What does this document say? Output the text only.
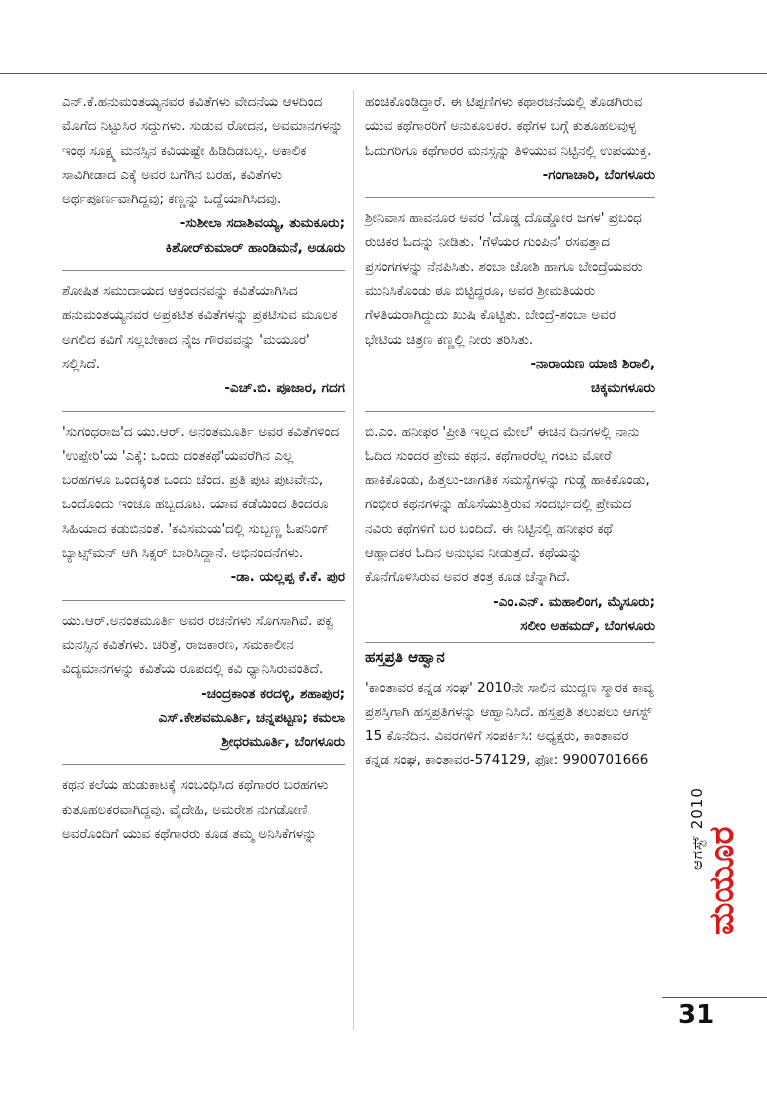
ಎನ್.ಕೆ.ಹನುಮಂತಯ್ಯನವರ ಕವಿತೆಗಳು ವೇದನೆಯ ಆಳದಿಂದ ಮೊಗೆದ ನಿಟ್ಟುಸಿರ ಸದ್ದುಗಳು. ಸುಡುವ ರೋದನ, ಅವಮಾನಗಳನ್ನು ಇಂಥ ಸೂಕ್ಷ್ಮ ಮನಸ್ಸಿನ ಕವಿಯಷ್ಟೇ ಹಿಡಿದಿಡಬಲ್ಲ. ಅಕಾಲಿಕ ಸಾವಿಗೀಡಾದ ಎಕ್ಕೆ ಅವರ ಬಗೆಗಿನ ಬರಹ, ಕವಿತೆಗಳು ಅರ್ಥಪೂರ್ಣವಾಗಿದ್ದವು; ಕಣ್ಣನ್ನು ಒದ್ದೆಯಾಗಿಸಿದವು.
-ಸುಶೀಲಾ ಸದಾಶಿವಯ್ಯ, ತುಮಕೂರು;
ಕಿಶೋರ್‌ಕುಮಾರ್ ಹಾಂಡಿಮನೆ, ಅಡೂರು
ಶೋಷಿತ ಸಮುದಾಯದ ಆಕ್ರಂದನವನ್ನು ಕವಿತೆಯಾಗಿಸಿದ ಹನುಮಂತಯ್ಯನವರ ಅಪ್ರಕಟಿತ ಕವಿತೆಗಳನ್ನು ಪ್ರಕಟಿಸುವ ಮೂಲಕ ಅಗಲಿದ ಕವಿಗೆ ಸಲ್ಲಬೇಕಾದ ನೈಜ ಗೌರವವನ್ನು 'ಮಯೂರ' ಸಲ್ಲಿಸಿದೆ.
-ಎಚ್.ಬಿ. ಪೂಜಾರ, ಗದಗ
'ಸುಗಂಧರಾಜ'ದ ಯು.ಆರ್. ಅನಂತಮೂರ್ತಿ ಅವರ ಕವಿತೆಗಳಿಂದ 'ಉಪ್ಪೇರಿ'ಯ 'ಎಕ್ಕೆ: ಒಂದು ದಂತಕಥೆ'ಯವರೆಗಿನ ಎಲ್ಲ ಬರಹಗಳೂ ಒಂದಕ್ಕಿಂತ ಒಂದು ಚೆಂದ. ಪ್ರತಿ ಪುಟ ಪುಟವೇನು, ಒಂದೊಂದು ಇಂಚೂ ಹಬ್ಬದೂಟ. ಯಾವ ಕಡೆಯಿಂದ ತಿಂದರೂ ಸಿಹಿಯಾದ ಕಡುಬಿನಂತೆ. 'ಕವಿಸಮಯ'ದಲ್ಲಿ ಸುಬ್ಬಣ್ಣ ಓಪನಿಂಗ್ ಬ್ಯಾಟ್ಸ್‌ಮನ್ ಆಗಿ ಸಿಕ್ಸರ್ ಬಾರಿಸಿದ್ದಾನೆ. ಅಭಿನಂದನೆಗಳು.
-ಡಾ. ಯಲ್ಲಪ್ಪ ಕೆ.ಕೆ. ಪುರ
ಯು.ಆರ್.ಅನಂತಮೂರ್ತಿ ಅವರ ರಚನೆಗಳು ಸೊಗಸಾಗಿವೆ. ಪಕ್ವ ಮನಸ್ಸಿನ ಕವಿತೆಗಳು. ಚರಿತ್ರೆ, ರಾಜಕಾರಣ, ಸಮಕಾಲೀನ ವಿದ್ಯಮಾನಗಳನ್ನು ಕವಿತೆಯ ರೂಪದಲ್ಲಿ ಕವಿ ಧ್ಯಾನಿಸಿರುವಂತಿದೆ.
-ಚಂದ್ರಕಾಂತ ಕರದಳ್ಳಿ, ಶಹಾಪುರ;
ಎಸ್.ಕೇಶವಮೂರ್ತಿ, ಚನ್ನಪಟ್ಟಣ; ಕಮಲಾ
ಶ್ರೀಧರಮೂರ್ತಿ, ಬೆಂಗಳೂರು
ಕಥನ ಕಲೆಯ ಹುಡುಕಾಟಕ್ಕೆ ಸಂಬಂಧಿಸಿದ ಕಥೆಗಾರರ ಬರಹಗಳು ಕುತೂಹಲಕರವಾಗಿದ್ದವು. ವೈದೇಹಿ, ಅಮರೇಶ ನುಗಡೋಣಿ ಅವರೊಂದಿಗೆ ಯುವ ಕಥೆಗಾರರು ಕೂಡ ತಮ್ಮ ಅನಿಸಿಕೆಗಳನ್ನು
ಹಂಚಿಕೊಂಡಿದ್ದಾರೆ. ಈ ಟಿಪ್ಪಣಿಗಳು ಕಥಾರಚನೆಯಲ್ಲಿ ತೊಡಗಿರುವ ಯುವ ಕಥೆಗಾರರಿಗೆ ಅನುಕೂಲಕರ. ಕಥೆಗಳ ಬಗ್ಗೆ ಕುತೂಹಲವುಳ್ಳ ಓದುಗರಿಗೂ ಕಥೆಗಾರರ ಮನಸ್ಸನ್ನು ತಿಳಿಯುವ ನಿಟ್ಟಿನಲ್ಲಿ ಉಪಯುಕ್ತ.
-ಗಂಗಾಚಾರಿ, ಬೆಂಗಳೂರು
ಶ್ರೀನಿವಾಸ ಹಾವನೂರ ಅವರ 'ದೊಡ್ಡ ದೊಡ್ಡೋರ ಜಗಳ' ಪ್ರಬಂಧ ರುಚಿಕರ ಓದನ್ನು ನೀಡಿತು. 'ಗೆಳೆಯರ ಗುಂಪಿನ' ರಸವತ್ತಾದ ಪ್ರಸಂಗಗಳನ್ನು ನೆನಪಿಸಿತು. ಶಂಬಾ ಜೋಶಿ ಹಾಗೂ ಬೇಂದ್ರೆಯವರು ಮುನಿಸಿಕೊಂಡು ಠೂ ಬಿಟ್ಟಿದ್ದರೂ, ಅವರ ಶ್ರೀಮತಿಯರು ಗೆಳತಿಯರಾಗಿದ್ದುದು ಖುಷಿ ಕೊಟ್ಟಿತು. ಬೇಂದ್ರೆ-ಶಂಬಾ ಅವರ ಭೇಟಿಯ ಚಿತ್ರಣ ಕಣ್ಣಲ್ಲಿ ನೀರು ತರಿಸಿತು.
-ನಾರಾಯಣ ಯಾಜಿ ಶಿರಾಲಿ,
ಚಿಕ್ಕಮಗಳೂರು
ಬಿ.ಎಂ. ಹನೀಫರ 'ಪ್ರೀತಿ ಇಲ್ಲದ ಮೇಲೆ' ಈಚಿನ ದಿನಗಳಲ್ಲಿ ನಾನು ಓದಿದ ಸುಂದರ ಪ್ರೇಮ ಕಥನ. ಕಥೆಗಾರರೆಲ್ಲ ಗಂಟು ಮೋರೆ ಹಾಕಿಕೊಂಡು, ಹಿತ್ತಲು-ಜಾಗತಿಕ ಸಮಸ್ಯೆಗಳನ್ನು ಗುಡ್ಡೆ ಹಾಕಿಕೊಂಡು, ಗಂಭೀರ ಕಥನಗಳನ್ನು ಹೊಸೆಯುತ್ತಿರುವ ಸಂದರ್ಭದಲ್ಲಿ ಪ್ರೇಮದ ನವಿರು ಕಥೆಗಳಿಗೆ ಬರ ಬಂದಿದೆ. ಈ ನಿಟ್ಟಿನಲ್ಲಿ ಹನೀಫರ ಕಥೆ ಆಹ್ಲಾದಕರ ಓದಿನ ಅನುಭವ ನೀಡುತ್ತದೆ. ಕಥೆಯನ್ನು ಕೊನೆಗೊಳಿಸಿರುವ ಅವರ ತಂತ್ರ ಕೂಡ ಚೆನ್ನಾಗಿದೆ.
-ಎಂ.ಎನ್. ಮಹಾಲಿಂಗ, ಮೈಸೂರು;
ಸಲೀಂ ಅಹಮದ್, ಬೆಂಗಳೂರು
ಹಸ್ತಪ್ರತಿ ಆಹ್ವಾನ
'ಕಾಂತಾವರ ಕನ್ನಡ ಸಂಘ' 2010ನೇ ಸಾಲಿನ ಮುದ್ದಣ ಸ್ಮಾರಕ ಕಾವ್ಯ ಪ್ರಶಸ್ತಿಗಾಗಿ ಹಸ್ತಪ್ರತಿಗಳನ್ನು ಆಹ್ವಾನಿಸಿದೆ. ಹಸ್ತಪ್ರತಿ ತಲುಪಲು ಆಗಸ್ಟ್ 15 ಕೊನೆದಿನ. ವಿವರಗಳಿಗೆ ಸಂಪರ್ಕಿಸಿ: ಅಧ್ಯಕ್ಷರು, ಕಾಂತಾವರ ಕನ್ನಡ ಸಂಘ, ಕಾಂತಾವರ-574129, ಫೋ: 9900701666
ಆಗಸ್ಟ್ 2010
ಮಯೂರ
31
